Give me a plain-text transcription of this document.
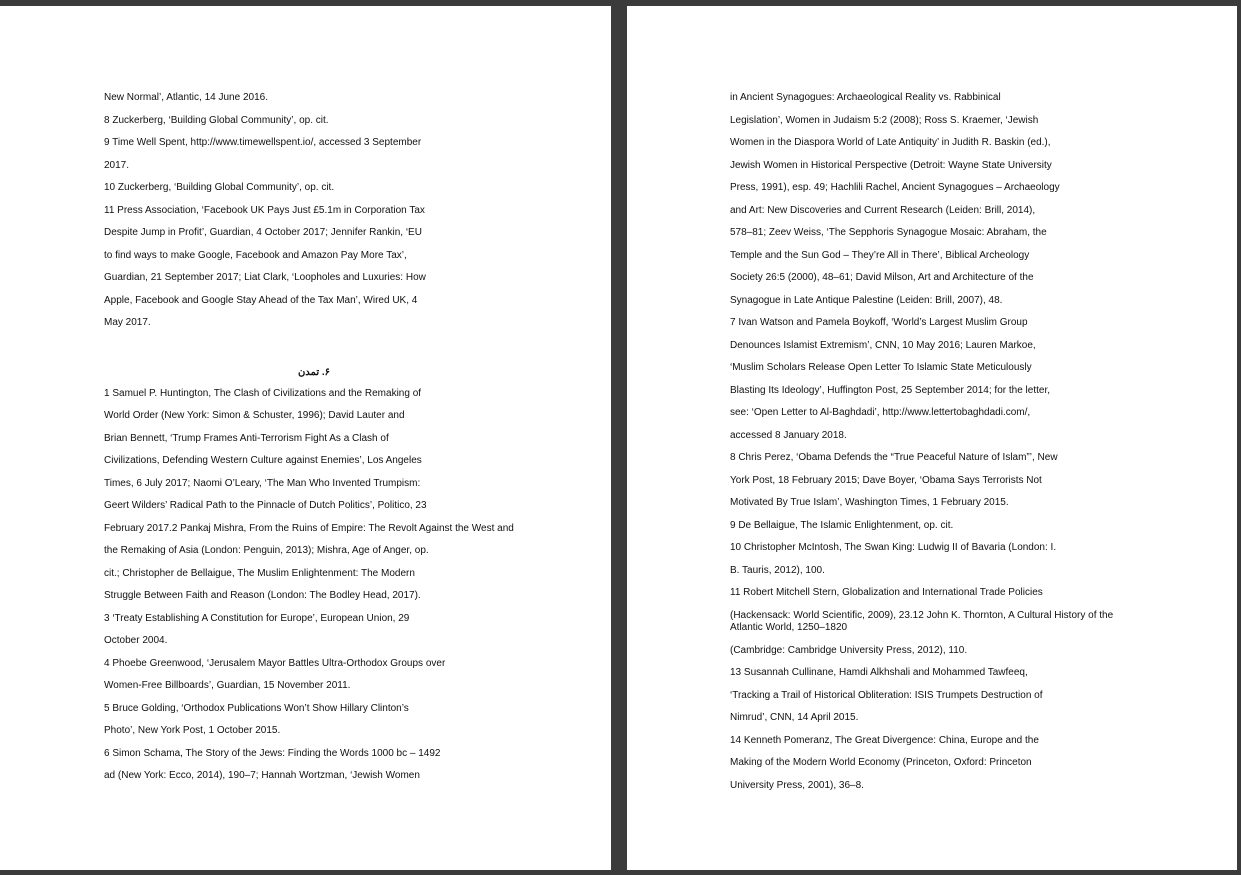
New Normal’, Atlantic, 14 June 2016.
8 Zuckerberg, ‘Building Global Community’, op. cit.
9 Time Well Spent, http://www.timewellspent.io/, accessed 3 September
2017.
10 Zuckerberg, ‘Building Global Community’, op. cit.
11 Press Association, ‘Facebook UK Pays Just £5.1m in Corporation Tax
Despite Jump in Profit’, Guardian, 4 October 2017; Jennifer Rankin, ‘EU
to find ways to make Google, Facebook and Amazon Pay More Tax’,
Guardian, 21 September 2017; Liat Clark, ‘Loopholes and Luxuries: How
Apple, Facebook and Google Stay Ahead of the Tax Man’, Wired UK, 4
May 2017.
۶. تمدن
1 Samuel P. Huntington, The Clash of Civilizations and the Remaking of
World Order (New York: Simon & Schuster, 1996); David Lauter and
Brian Bennett, ‘Trump Frames Anti-Terrorism Fight As a Clash of
Civilizations, Defending Western Culture against Enemies’, Los Angeles
Times, 6 July 2017; Naomi O’Leary, ‘The Man Who Invented Trumpism:
Geert Wilders’ Radical Path to the Pinnacle of Dutch Politics’, Politico, 23
February 2017.2 Pankaj Mishra, From the Ruins of Empire: The Revolt Against the West and
the Remaking of Asia (London: Penguin, 2013); Mishra, Age of Anger, op.
cit.; Christopher de Bellaigue, The Muslim Enlightenment: The Modern
Struggle Between Faith and Reason (London: The Bodley Head, 2017).
3 ‘Treaty Establishing A Constitution for Europe’, European Union, 29
October 2004.
4 Phoebe Greenwood, ‘Jerusalem Mayor Battles Ultra-Orthodox Groups over
Women-Free Billboards’, Guardian, 15 November 2011.
5 Bruce Golding, ‘Orthodox Publications Won’t Show Hillary Clinton’s
Photo’, New York Post, 1 October 2015.
6 Simon Schama, The Story of the Jews: Finding the Words 1000 bc – 1492
ad (New York: Ecco, 2014), 190–7; Hannah Wortzman, ‘Jewish Women
in Ancient Synagogues: Archaeological Reality vs. Rabbinical
Legislation’, Women in Judaism 5:2 (2008); Ross S. Kraemer, ‘Jewish
Women in the Diaspora World of Late Antiquity’ in Judith R. Baskin (ed.),
Jewish Women in Historical Perspective (Detroit: Wayne State University
Press, 1991), esp. 49; Hachlili Rachel, Ancient Synagogues – Archaeology
and Art: New Discoveries and Current Research (Leiden: Brill, 2014),
578–81; Zeev Weiss, ‘The Sepphoris Synagogue Mosaic: Abraham, the
Temple and the Sun God – They’re All in There’, Biblical Archeology
Society 26:5 (2000), 48–61; David Milson, Art and Architecture of the
Synagogue in Late Antique Palestine (Leiden: Brill, 2007), 48.
7 Ivan Watson and Pamela Boykoff, ‘World’s Largest Muslim Group
Denounces Islamist Extremism’, CNN, 10 May 2016; Lauren Markoe,
‘Muslim Scholars Release Open Letter To Islamic State Meticulously
Blasting Its Ideology’, Huffington Post, 25 September 2014; for the letter,
see: ‘Open Letter to Al-Baghdadi’, http://www.lettertobaghdadi.com/,
accessed 8 January 2018.
8 Chris Perez, ‘Obama Defends the “True Peaceful Nature of Islam”’, New
York Post, 18 February 2015; Dave Boyer, ‘Obama Says Terrorists Not
Motivated By True Islam’, Washington Times, 1 February 2015.
9 De Bellaigue, The Islamic Enlightenment, op. cit.
10 Christopher McIntosh, The Swan King: Ludwig II of Bavaria (London: I.
B. Tauris, 2012), 100.
11 Robert Mitchell Stern, Globalization and International Trade Policies
(Hackensack: World Scientific, 2009), 23.12 John K. Thornton, A Cultural History of the Atlantic World, 1250–1820
(Cambridge: Cambridge University Press, 2012), 110.
13 Susannah Cullinane, Hamdi Alkhshali and Mohammed Tawfeeq,
‘Tracking a Trail of Historical Obliteration: ISIS Trumpets Destruction of
Nimrud’, CNN, 14 April 2015.
14 Kenneth Pomeranz, The Great Divergence: China, Europe and the
Making of the Modern World Economy (Princeton, Oxford: Princeton
University Press, 2001), 36–8.
